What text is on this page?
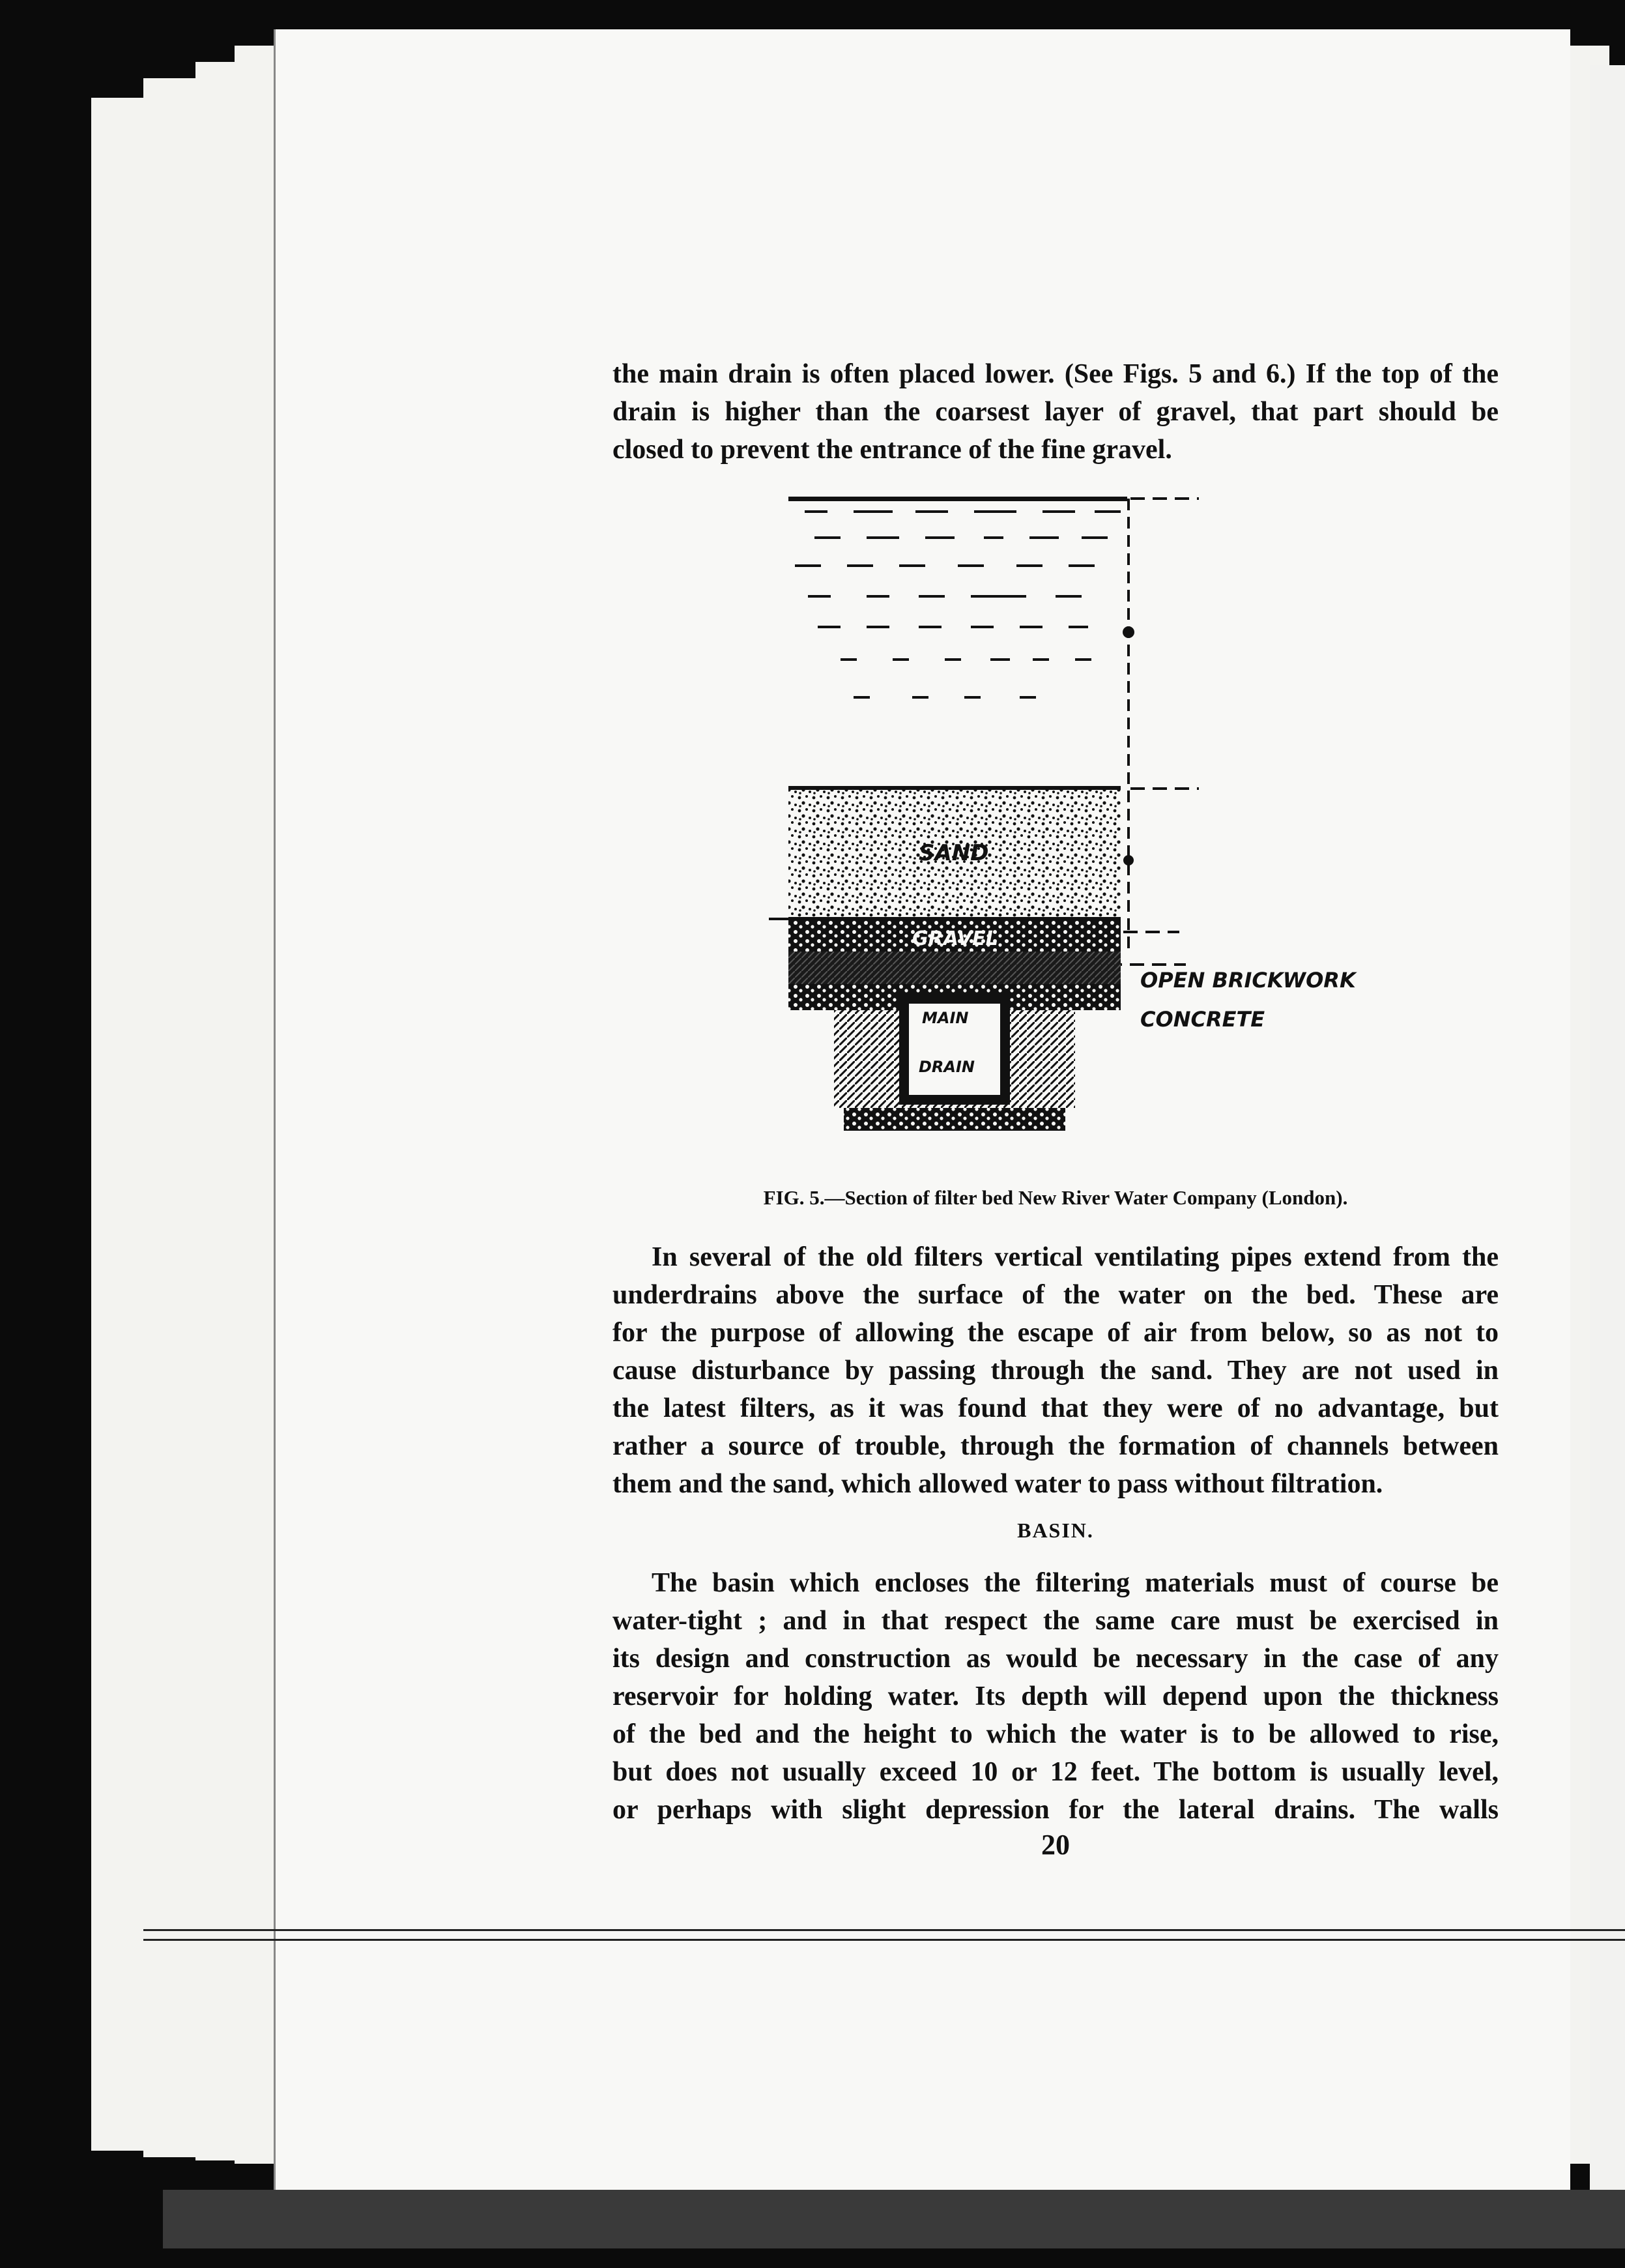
the main drain is often placed lower. (See Figs. 5 and 6.) If the top of the
drain is higher than the coarsest layer of gravel, that part should be
closed to prevent the entrance of the fine gravel.

SAND
GRAVEL
MAIN
DRAIN
OPEN BRICKWORK
CONCRETE
FIG. 5.—Section of filter bed New River Water Company (London).

In several of the old filters vertical ventilating pipes extend from the
underdrains above the surface of the water on the bed. These are
for the purpose of allowing the escape of air from below, so as not to
cause disturbance by passing through the sand. They are not used in
the latest filters, as it was found that they were of no advantage, but
rather a source of trouble, through the formation of channels between
them and the sand, which allowed water to pass without filtration.

BASIN.

The basin which encloses the filtering materials must of course be
water-tight ; and in that respect the same care must be exercised in
its design and construction as would be necessary in the case of any
reservoir for holding water. Its depth will depend upon the thickness
of the bed and the height to which the water is to be allowed to rise,
but does not usually exceed 10 or 12 feet. The bottom is usually level,
or perhaps with slight depression for the lateral drains. The walls

20
